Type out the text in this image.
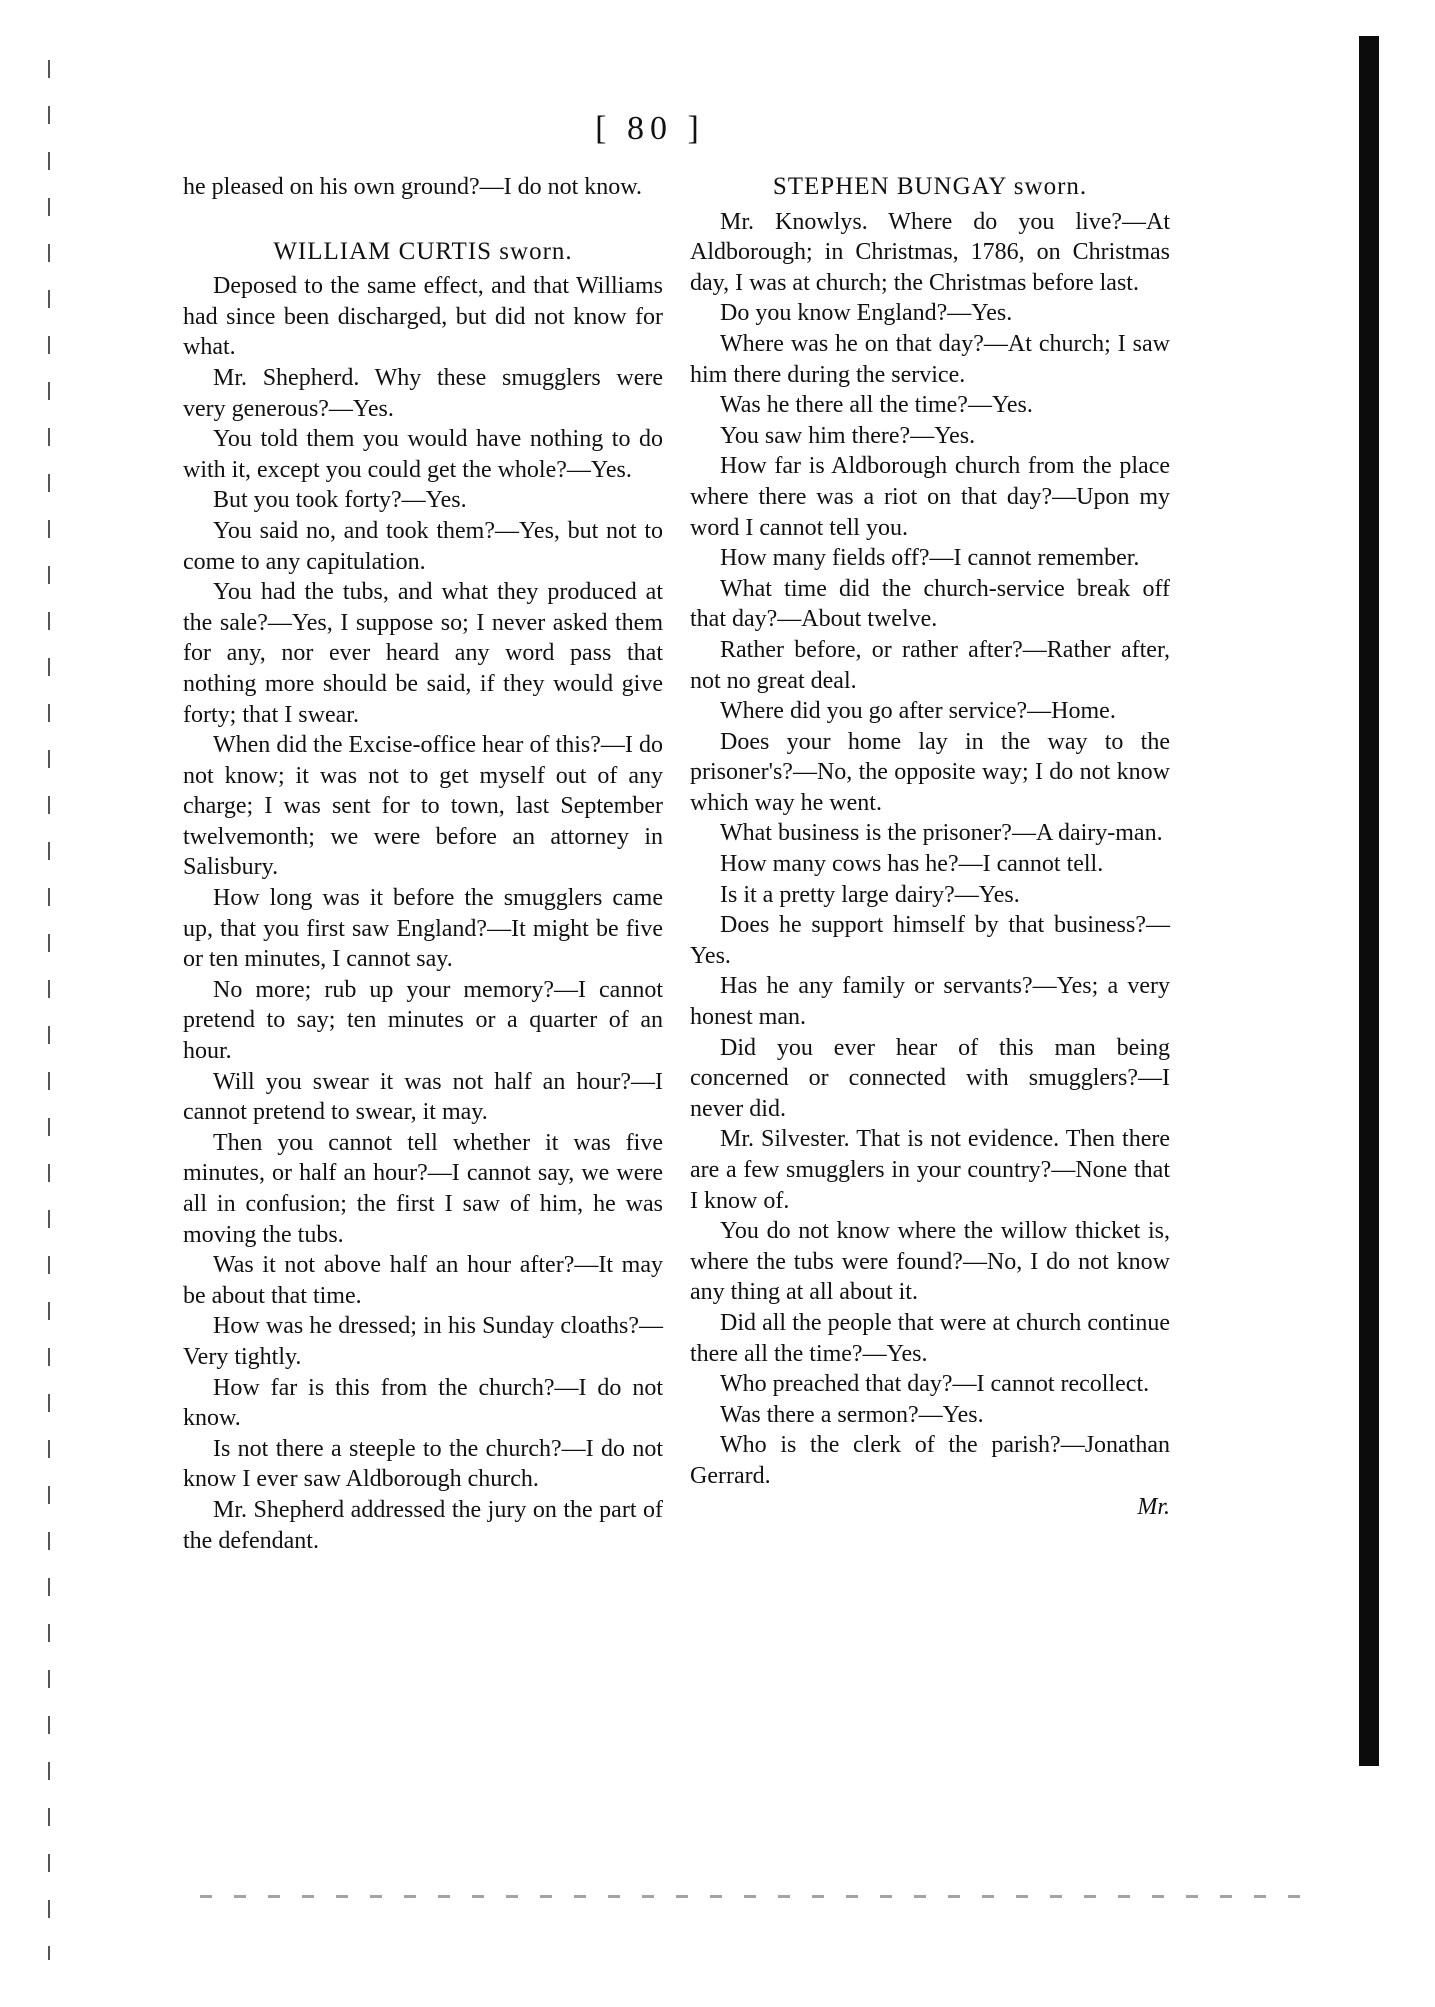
[ 80 ]

he pleased on his own ground?—I do not know.

WILLIAM CURTIS sworn.

Deposed to the same effect, and that Williams had since been discharged, but did not know for what.

Mr. Shepherd. Why these smugglers were very generous?—Yes.

You told them you would have nothing to do with it, except you could get the whole?—Yes.

But you took forty?—Yes.

You said no, and took them?—Yes, but not to come to any capitulation.

You had the tubs, and what they produced at the sale?—Yes, I suppose so; I never asked them for any, nor ever heard any word pass that nothing more should be said, if they would give forty; that I swear.

When did the Excise-office hear of this?—I do not know; it was not to get myself out of any charge; I was sent for to town, last September twelvemonth; we were before an attorney in Salisbury.

How long was it before the smugglers came up, that you first saw England?—It might be five or ten minutes, I cannot say.

No more; rub up your memory?—I cannot pretend to say; ten minutes or a quarter of an hour.

Will you swear it was not half an hour?—I cannot pretend to swear, it may.

Then you cannot tell whether it was five minutes, or half an hour?—I cannot say, we were all in confusion; the first I saw of him, he was moving the tubs.

Was it not above half an hour after?—It may be about that time.

How was he dressed; in his Sunday cloaths?—Very tightly.

How far is this from the church?—I do not know.

Is not there a steeple to the church?—I do not know I ever saw Aldborough church.

Mr. Shepherd addressed the jury on the part of the defendant.

STEPHEN BUNGAY sworn.

Mr. Knowlys. Where do you live?—At Aldborough; in Christmas, 1786, on Christmas day, I was at church; the Christmas before last.

Do you know England?—Yes.

Where was he on that day?—At church; I saw him there during the service.

Was he there all the time?—Yes.

You saw him there?—Yes.

How far is Aldborough church from the place where there was a riot on that day?—Upon my word I cannot tell you.

How many fields off?—I cannot remember.

What time did the church-service break off that day?—About twelve.

Rather before, or rather after?—Rather after, not no great deal.

Where did you go after service?—Home.

Does your home lay in the way to the prisoner's?—No, the opposite way; I do not know which way he went.

What business is the prisoner?—A dairy-man.

How many cows has he?—I cannot tell.

Is it a pretty large dairy?—Yes.

Does he support himself by that business?—Yes.

Has he any family or servants?—Yes; a very honest man.

Did you ever hear of this man being concerned or connected with smugglers?—I never did.

Mr. Silvester. That is not evidence. Then there are a few smugglers in your country?—None that I know of.

You do not know where the willow thicket is, where the tubs were found?—No, I do not know any thing at all about it.

Did all the people that were at church continue there all the time?—Yes.

Who preached that day?—I cannot recollect.

Was there a sermon?—Yes.

Who is the clerk of the parish?—Jonathan Gerrard.

Mr.
